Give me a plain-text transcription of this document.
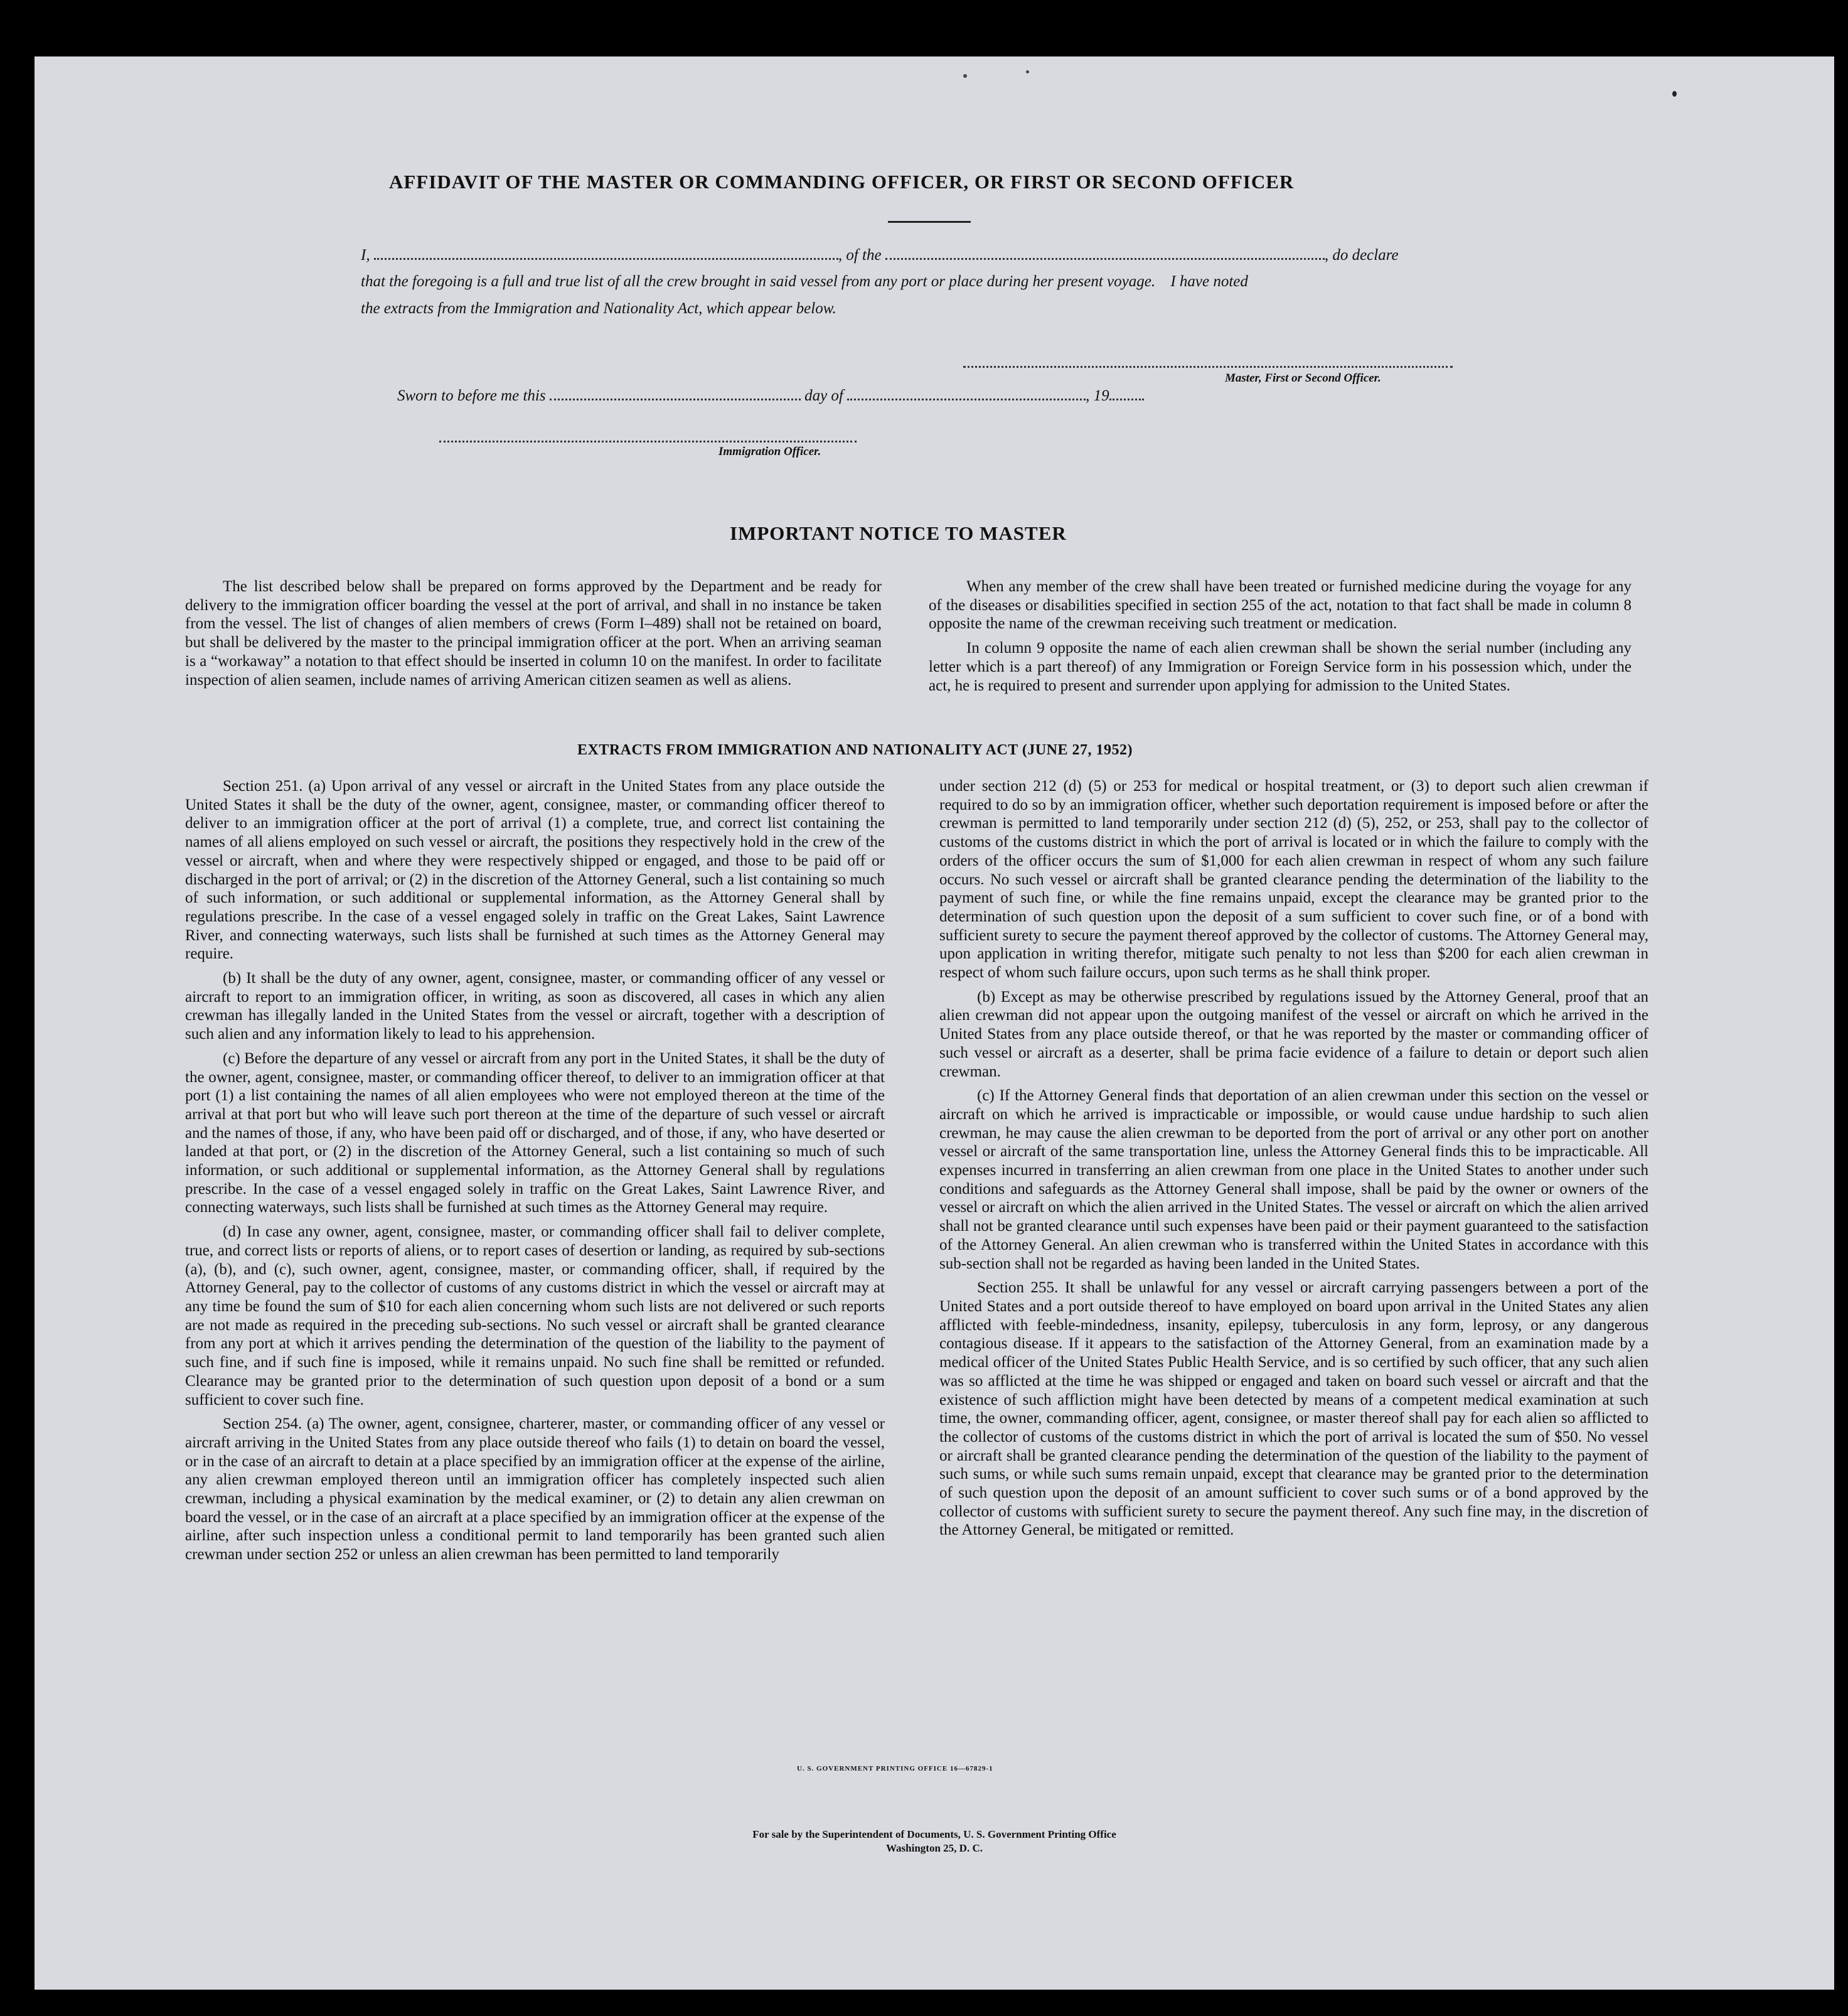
AFFIDAVIT OF THE MASTER OR COMMANDING OFFICER, OR FIRST OR SECOND OFFICER
I,	, of the	, do declare
that the foregoing is a full and true list of all the crew brought in said vessel from any port or place during her present voyage. I have noted
the extracts from the Immigration and Nationality Act, which appear below.
Master, First or Second Officer.
Sworn to before me this	day of	, 19
Immigration Officer.
IMPORTANT NOTICE TO MASTER

The list described below shall be prepared on forms approved by the Department and be ready for delivery to the immigration officer boarding the vessel at the port of arrival, and shall in no instance be taken from the vessel. The list of changes of alien members of crews (Form I–489) shall not be retained on board, but shall be delivered by the master to the principal immigration officer at the port. When an arriving seaman is a “workaway” a notation to that effect should be inserted in column 10 on the manifest. In order to facilitate inspection of alien seamen, include names of arriving American citizen seamen as well as aliens.

When any member of the crew shall have been treated or furnished medicine during the voyage for any of the diseases or disabilities specified in section 255 of the act, notation to that fact shall be made in column 8 opposite the name of the crewman receiving such treatment or medication.

In column 9 opposite the name of each alien crewman shall be shown the serial number (including any letter which is a part thereof) of any Immigration or Foreign Service form in his possession which, under the act, he is required to present and surrender upon applying for admission to the United States.

EXTRACTS FROM IMMIGRATION AND NATIONALITY ACT (JUNE 27, 1952)

Section 251. (a) Upon arrival of any vessel or aircraft in the United States from any place outside the United States it shall be the duty of the owner, agent, consignee, master, or commanding officer thereof to deliver to an immigration officer at the port of arrival (1) a complete, true, and correct list containing the names of all aliens employed on such vessel or aircraft, the positions they respectively hold in the crew of the vessel or aircraft, when and where they were respectively shipped or engaged, and those to be paid off or discharged in the port of arrival; or (2) in the discretion of the Attorney General, such a list containing so much of such information, or such additional or supplemental information, as the Attorney General shall by regulations prescribe. In the case of a vessel engaged solely in traffic on the Great Lakes, Saint Lawrence River, and connecting waterways, such lists shall be furnished at such times as the Attorney General may require.

(b) It shall be the duty of any owner, agent, consignee, master, or commanding officer of any vessel or aircraft to report to an immigration officer, in writing, as soon as discovered, all cases in which any alien crewman has illegally landed in the United States from the vessel or aircraft, together with a description of such alien and any information likely to lead to his apprehension.

(c) Before the departure of any vessel or aircraft from any port in the United States, it shall be the duty of the owner, agent, consignee, master, or commanding officer thereof, to deliver to an immigration officer at that port (1) a list containing the names of all alien employees who were not employed thereon at the time of the arrival at that port but who will leave such port thereon at the time of the departure of such vessel or aircraft and the names of those, if any, who have been paid off or discharged, and of those, if any, who have deserted or landed at that port, or (2) in the discretion of the Attorney General, such a list containing so much of such information, or such additional or supplemental information, as the Attorney General shall by regulations prescribe. In the case of a vessel engaged solely in traffic on the Great Lakes, Saint Lawrence River, and connecting waterways, such lists shall be furnished at such times as the Attorney General may require.

(d) In case any owner, agent, consignee, master, or commanding officer shall fail to deliver complete, true, and correct lists or reports of aliens, or to report cases of desertion or landing, as required by sub-sections (a), (b), and (c), such owner, agent, consignee, master, or commanding officer, shall, if required by the Attorney General, pay to the collector of customs of any customs district in which the vessel or aircraft may at any time be found the sum of $10 for each alien concerning whom such lists are not delivered or such reports are not made as required in the preceding sub-sections. No such vessel or aircraft shall be granted clearance from any port at which it arrives pending the determination of the question of the liability to the payment of such fine, and if such fine is imposed, while it remains unpaid. No such fine shall be remitted or refunded. Clearance may be granted prior to the determination of such question upon deposit of a bond or a sum sufficient to cover such fine.

Section 254. (a) The owner, agent, consignee, charterer, master, or commanding officer of any vessel or aircraft arriving in the United States from any place outside thereof who fails (1) to detain on board the vessel, or in the case of an aircraft to detain at a place specified by an immigration officer at the expense of the airline, any alien crewman employed thereon until an immigration officer has completely inspected such alien crewman, including a physical examination by the medical examiner, or (2) to detain any alien crewman on board the vessel, or in the case of an aircraft at a place specified by an immigration officer at the expense of the airline, after such inspection unless a conditional permit to land temporarily has been granted such alien crewman under section 252 or unless an alien crewman has been permitted to land temporarily

under section 212 (d) (5) or 253 for medical or hospital treatment, or (3) to deport such alien crewman if required to do so by an immigration officer, whether such deportation requirement is imposed before or after the crewman is permitted to land temporarily under section 212 (d) (5), 252, or 253, shall pay to the collector of customs of the customs district in which the port of arrival is located or in which the failure to comply with the orders of the officer occurs the sum of $1,000 for each alien crewman in respect of whom any such failure occurs. No such vessel or aircraft shall be granted clearance pending the determination of the liability to the payment of such fine, or while the fine remains unpaid, except the clearance may be granted prior to the determination of such question upon the deposit of a sum sufficient to cover such fine, or of a bond with sufficient surety to secure the payment thereof approved by the collector of customs. The Attorney General may, upon application in writing therefor, mitigate such penalty to not less than $200 for each alien crewman in respect of whom such failure occurs, upon such terms as he shall think proper.

(b) Except as may be otherwise prescribed by regulations issued by the Attorney General, proof that an alien crewman did not appear upon the outgoing manifest of the vessel or aircraft on which he arrived in the United States from any place outside thereof, or that he was reported by the master or commanding officer of such vessel or aircraft as a deserter, shall be prima facie evidence of a failure to detain or deport such alien crewman.

(c) If the Attorney General finds that deportation of an alien crewman under this section on the vessel or aircraft on which he arrived is impracticable or impossible, or would cause undue hardship to such alien crewman, he may cause the alien crewman to be deported from the port of arrival or any other port on another vessel or aircraft of the same transportation line, unless the Attorney General finds this to be impracticable. All expenses incurred in transferring an alien crewman from one place in the United States to another under such conditions and safeguards as the Attorney General shall impose, shall be paid by the owner or owners of the vessel or aircraft on which the alien arrived in the United States. The vessel or aircraft on which the alien arrived shall not be granted clearance until such expenses have been paid or their payment guaranteed to the satisfaction of the Attorney General. An alien crewman who is transferred within the United States in accordance with this sub-section shall not be regarded as having been landed in the United States.

Section 255. It shall be unlawful for any vessel or aircraft carrying passengers between a port of the United States and a port outside thereof to have employed on board upon arrival in the United States any alien afflicted with feeble-mindedness, insanity, epilepsy, tuberculosis in any form, leprosy, or any dangerous contagious disease. If it appears to the satisfaction of the Attorney General, from an examination made by a medical officer of the United States Public Health Service, and is so certified by such officer, that any such alien was so afflicted at the time he was shipped or engaged and taken on board such vessel or aircraft and that the existence of such affliction might have been detected by means of a competent medical examination at such time, the owner, commanding officer, agent, consignee, or master thereof shall pay for each alien so afflicted to the collector of customs of the customs district in which the port of arrival is located the sum of $50. No vessel or aircraft shall be granted clearance pending the determination of the question of the liability to the payment of such sums, or while such sums remain unpaid, except that clearance may be granted prior to the determination of such question upon the deposit of an amount sufficient to cover such sums or of a bond approved by the collector of customs with sufficient surety to secure the payment thereof. Any such fine may, in the discretion of the Attorney General, be mitigated or remitted.

U. S. GOVERNMENT PRINTING OFFICE 16—67829-1
For sale by the Superintendent of Documents, U. S. Government Printing Office
Washington 25, D. C.
